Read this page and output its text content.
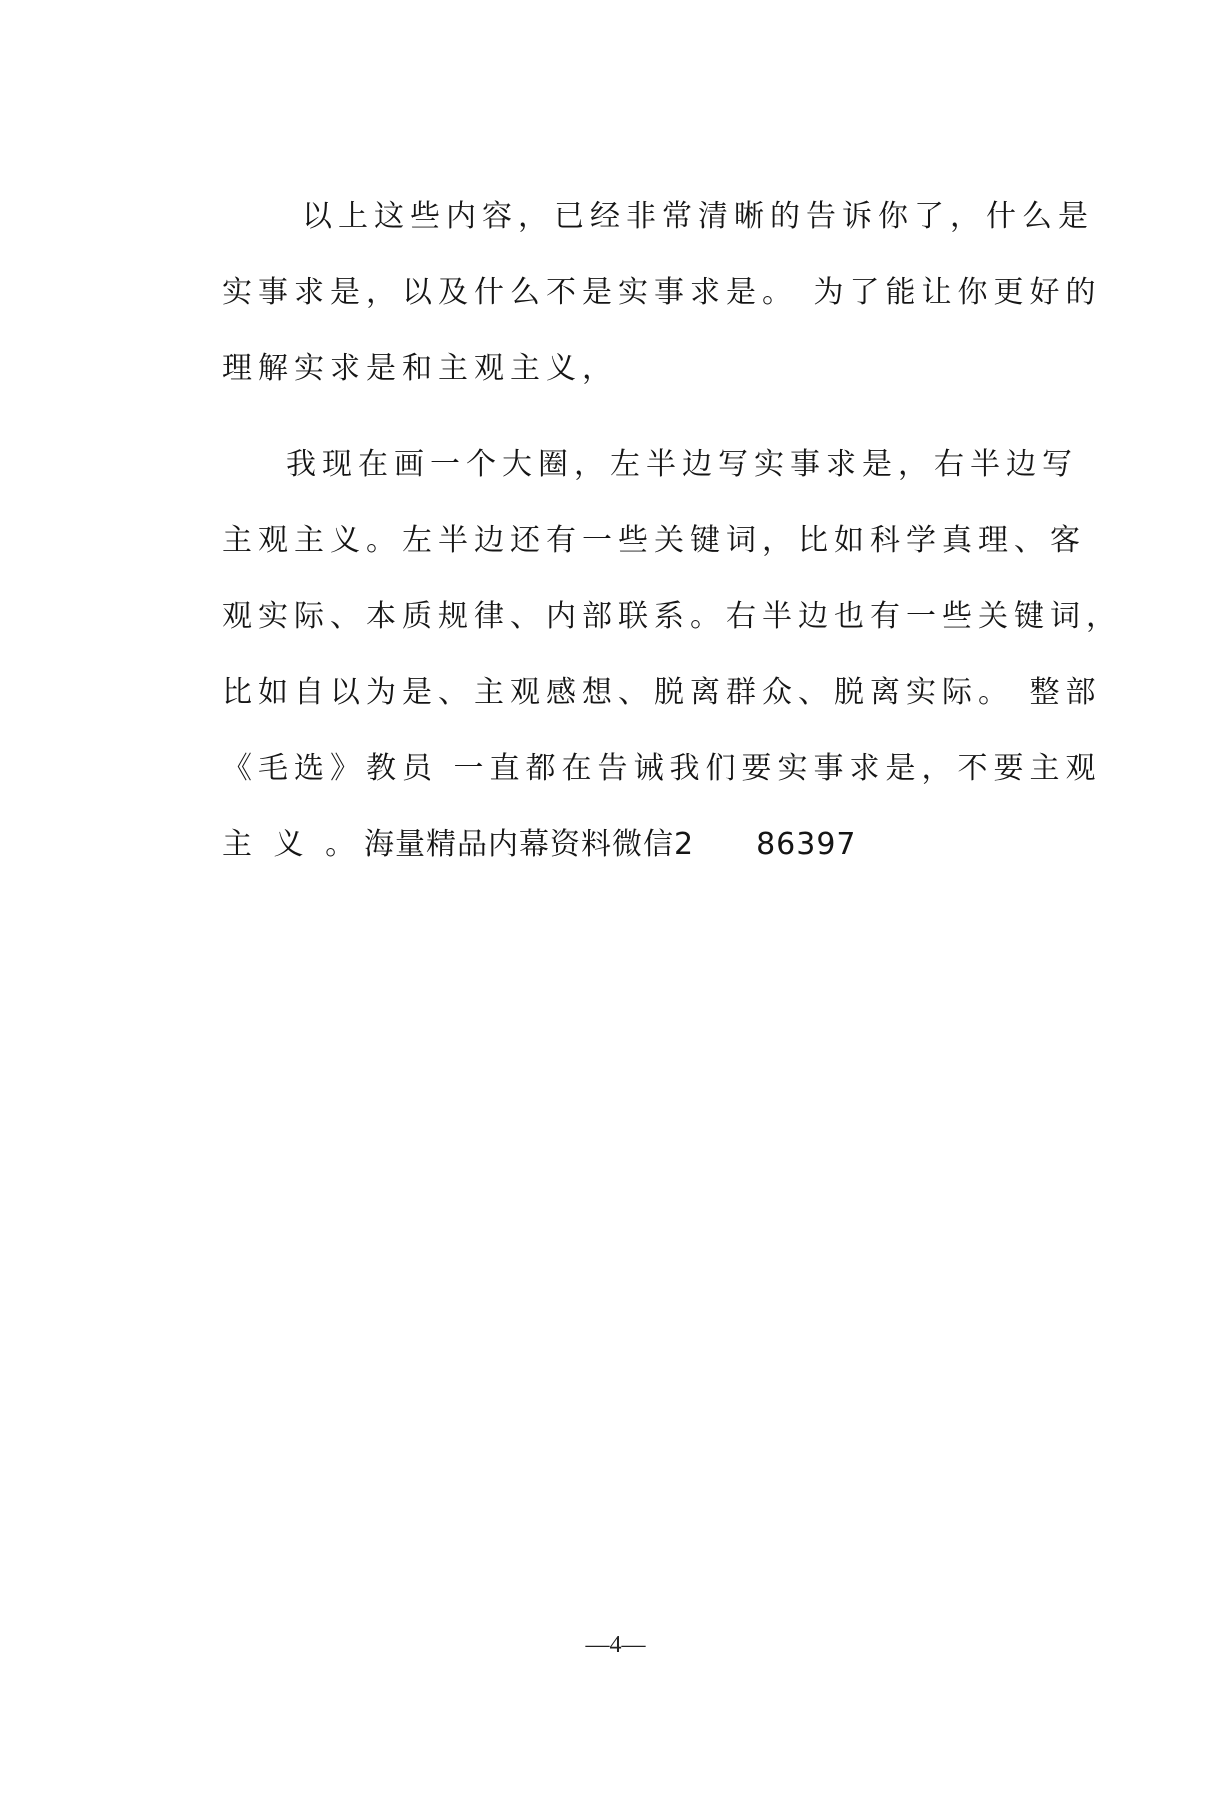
以上这些内容，已经非常清晰的告诉你了，什么是
实事求是，以及什么不是实事求是。 为了能让你更好的
理解实求是和主观主义，
我现在画一个大圈，左半边写实事求是，右半边写
主观主义。左半边还有一些关键词，比如科学真理、客
观实际、本质规律、内部联系。右半边也有一些关键词，
比如自以为是、主观感想、脱离群众、脱离实际。 整部
《毛选》教员 一直都在告诫我们要实事求是，不要主观
主 义 。 海量精品内幕资料微信2　　86397
—4—
